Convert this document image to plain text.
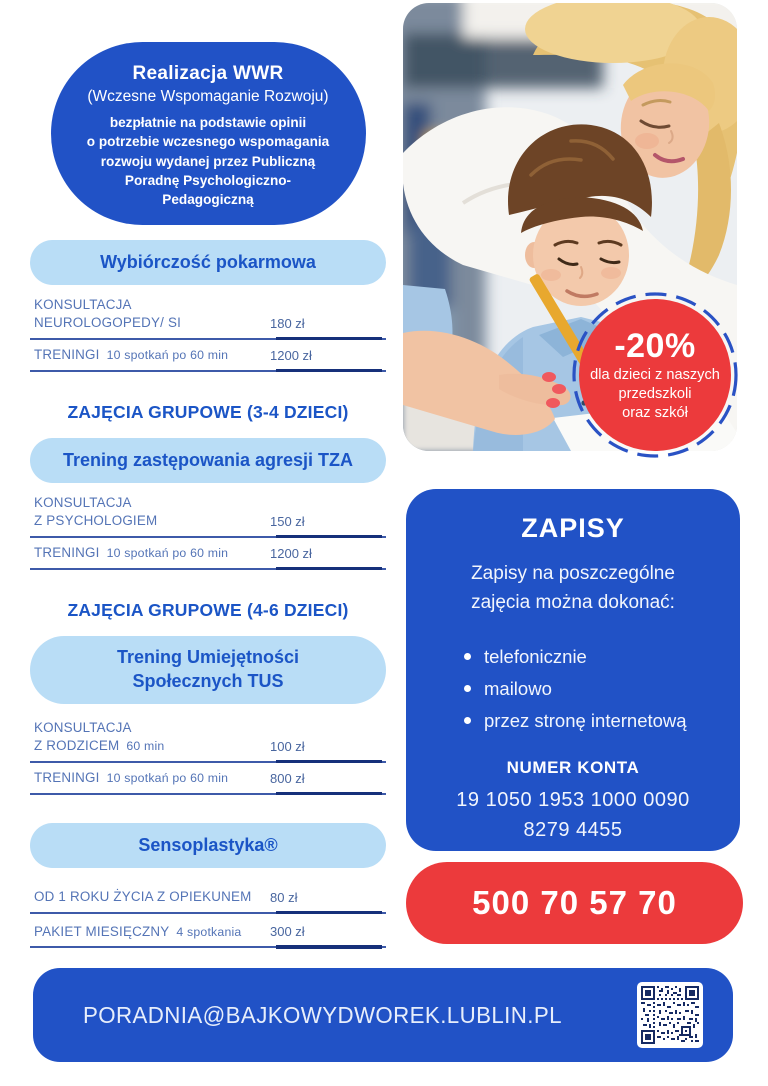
Realizacja WWR
(Wczesne Wspomaganie Rozwoju)
bezpłatnie na podstawie opinii
o potrzebie wczesnego wspomagania
rozwoju wydanej przez Publiczną
Poradnę Psychologiczno-
Pedagogiczną
Wybiórczość pokarmowa
KONSULTACJA
NEUROLOGOPEDY/ SI	180 zł
TRENINGI 10 spotkań po 60 min	1200 zł
ZAJĘCIA GRUPOWE (3-4 DZIECI)
Trening zastępowania agresji TZA
KONSULTACJA
Z PSYCHOLOGIEM	150 zł
TRENINGI 10 spotkań po 60 min	1200 zł
ZAJĘCIA GRUPOWE (4-6 DZIECI)
Trening Umiejętności Społecznych TUS
KONSULTACJA
Z RODZICEM 60 min	100 zł
TRENINGI 10 spotkań po 60 min	800 zł
Sensoplastyka®
OD 1 ROKU ŻYCIA Z OPIEKUNEM	80 zł
PAKIET MIESIĘCZNY 4 spotkania	300 zł
-20%
dla dzieci z naszych
przedszkoli
oraz szkół
ZAPISY
Zapisy na poszczególne
zajęcia można dokonać:
telefonicznie
mailowo
przez stronę internetową
NUMER KONTA
19 1050 1953 1000 0090
8279 4455
500 70 57 70
PORADNIA@BAJKOWYDWOREK.LUBLIN.PL
